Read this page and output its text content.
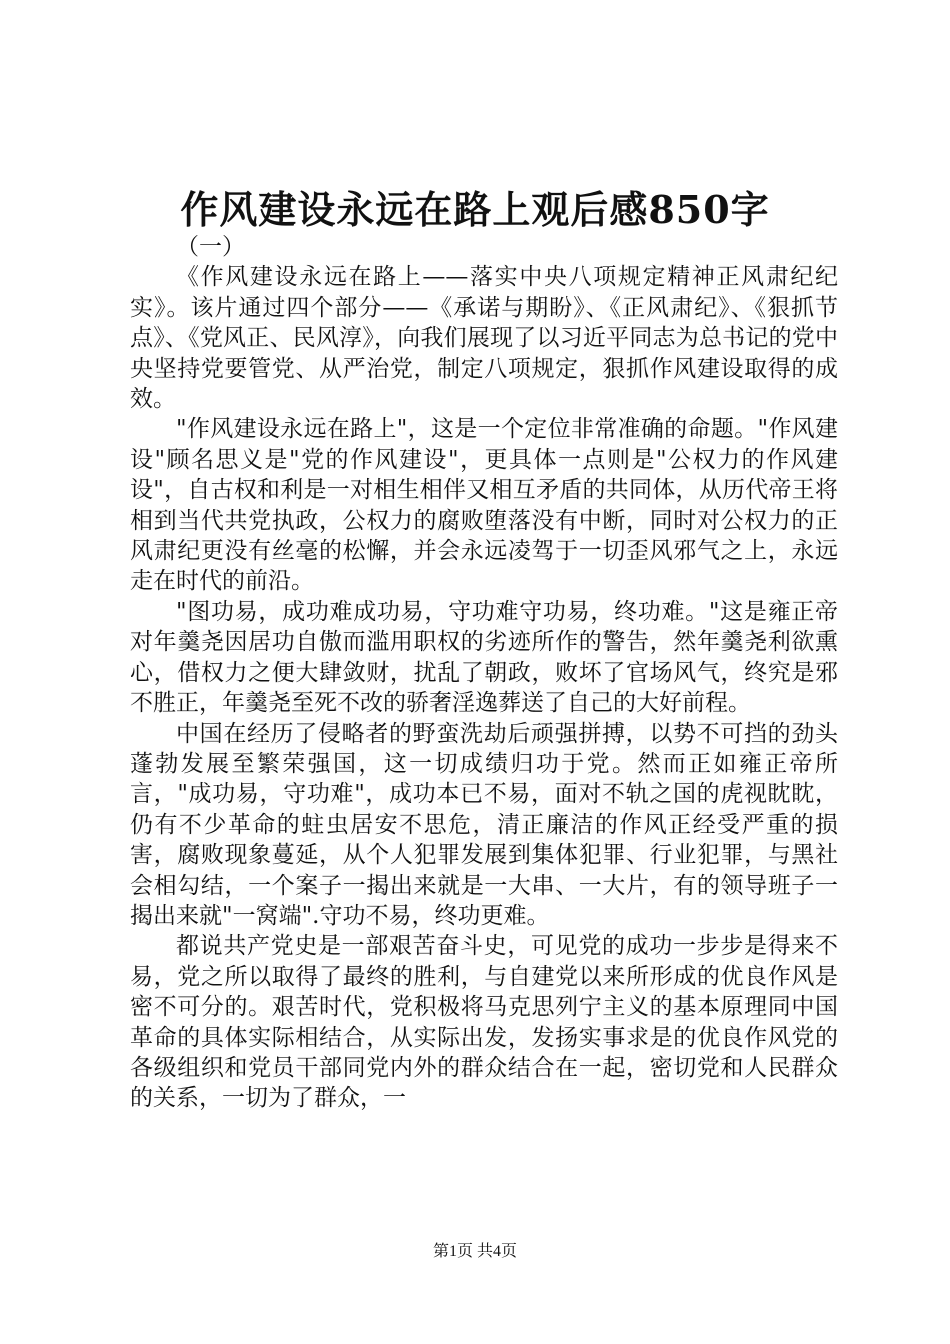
作风建设永远在路上观后感850字

（一）

《作风建设永远在路上——落实中央八项规定精神正风肃纪纪实》。该片通过四个部分——《承诺与期盼》、《正风肃纪》、《狠抓节点》、《党风正、民风淳》，向我们展现了以习近平同志为总书记的党中央坚持党要管党、从严治党，制定八项规定，狠抓作风建设取得的成效。

"作风建设永远在路上"，这是一个定位非常准确的命题。"作风建设"顾名思义是"党的作风建设"，更具体一点则是"公权力的作风建设"，自古权和利是一对相生相伴又相互矛盾的共同体，从历代帝王将相到当代共党执政，公权力的腐败堕落没有中断，同时对公权力的正风肃纪更没有丝毫的松懈，并会永远凌驾于一切歪风邪气之上，永远走在时代的前沿。

"图功易，成功难成功易，守功难守功易，终功难。"这是雍正帝对年羹尧因居功自傲而滥用职权的劣迹所作的警告，然年羹尧利欲熏心，借权力之便大肆敛财，扰乱了朝政，败坏了官场风气，终究是邪不胜正，年羹尧至死不改的骄奢淫逸葬送了自己的大好前程。

中国在经历了侵略者的野蛮洗劫后顽强拼搏，以势不可挡的劲头蓬勃发展至繁荣强国，这一切成绩归功于党。然而正如雍正帝所言，"成功易，守功难"，成功本已不易，面对不轨之国的虎视眈眈，仍有不少革命的蛀虫居安不思危，清正廉洁的作风正经受严重的损害，腐败现象蔓延，从个人犯罪发展到集体犯罪、行业犯罪，与黑社会相勾结，一个案子一揭出来就是一大串、一大片，有的领导班子一揭出来就"一窝端".守功不易，终功更难。

都说共产党史是一部艰苦奋斗史，可见党的成功一步步是得来不易，党之所以取得了最终的胜利，与自建党以来所形成的优良作风是密不可分的。艰苦时代，党积极将马克思列宁主义的基本原理同中国革命的具体实际相结合，从实际出发，发扬实事求是的优良作风党的各级组织和党员干部同党内外的群众结合在一起，密切党和人民群众的关系，一切为了群众，一

第1页 共4页
